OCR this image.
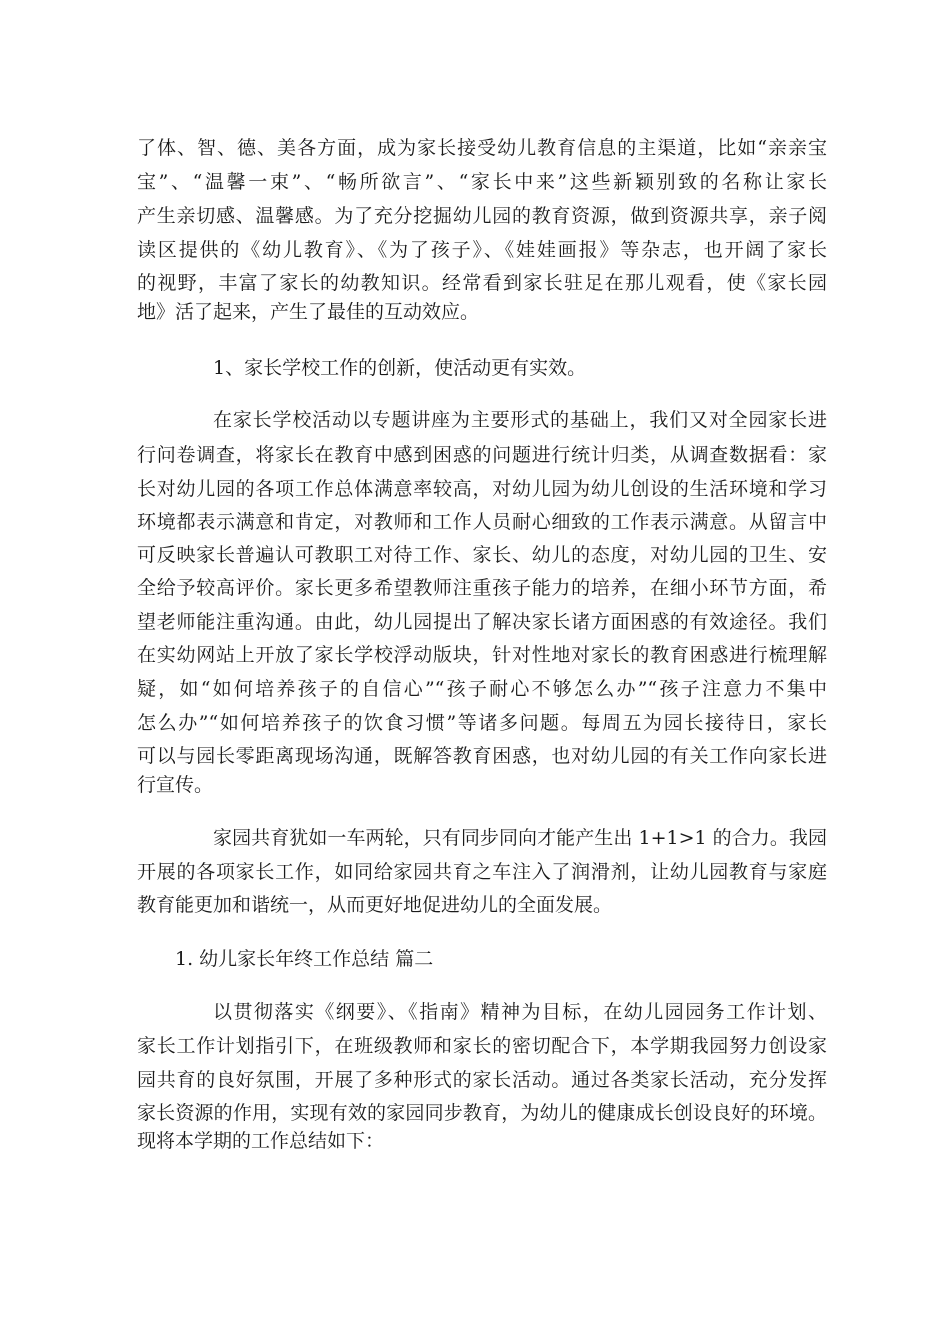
了体、智、德、美各方面，成为家长接受幼儿教育信息的主渠道，比如“亲亲宝
宝”、“温馨一束”、“畅所欲言”、“家长中来”这些新颖别致的名称让家长
产生亲切感、温馨感。为了充分挖掘幼儿园的教育资源，做到资源共享，亲子阅
读区提供的《幼儿教育》、《为了孩子》、《娃娃画报》等杂志，也开阔了家长
的视野，丰富了家长的幼教知识。经常看到家长驻足在那儿观看，使《家长园
地》活了起来，产生了最佳的互动效应。
1、家长学校工作的创新，使活动更有实效。
在家长学校活动以专题讲座为主要形式的基础上，我们又对全园家长进
行问卷调查，将家长在教育中感到困惑的问题进行统计归类，从调查数据看：家
长对幼儿园的各项工作总体满意率较高，对幼儿园为幼儿创设的生活环境和学习
环境都表示满意和肯定，对教师和工作人员耐心细致的工作表示满意。从留言中
可反映家长普遍认可教职工对待工作、家长、幼儿的态度，对幼儿园的卫生、安
全给予较高评价。家长更多希望教师注重孩子能力的培养，在细小环节方面，希
望老师能注重沟通。由此，幼儿园提出了解决家长诸方面困惑的有效途径。我们
在实幼网站上开放了家长学校浮动版块，针对性地对家长的教育困惑进行梳理解
疑，如“如何培养孩子的自信心”“孩子耐心不够怎么办”“孩子注意力不集中
怎么办”“如何培养孩子的饮食习惯”等诸多问题。每周五为园长接待日，家长
可以与园长零距离现场沟通，既解答教育困惑，也对幼儿园的有关工作向家长进
行宣传。
家园共育犹如一车两轮，只有同步同向才能产生出 1+1>1 的合力。我园
开展的各项家长工作，如同给家园共育之车注入了润滑剂，让幼儿园教育与家庭
教育能更加和谐统一，从而更好地促进幼儿的全面发展。
1. 幼儿家长年终工作总结 篇二
以贯彻落实《纲要》、《指南》精神为目标，在幼儿园园务工作计划、
家长工作计划指引下，在班级教师和家长的密切配合下，本学期我园努力创设家
园共育的良好氛围，开展了多种形式的家长活动。通过各类家长活动，充分发挥
家长资源的作用，实现有效的家园同步教育，为幼儿的健康成长创设良好的环境。
现将本学期的工作总结如下：
